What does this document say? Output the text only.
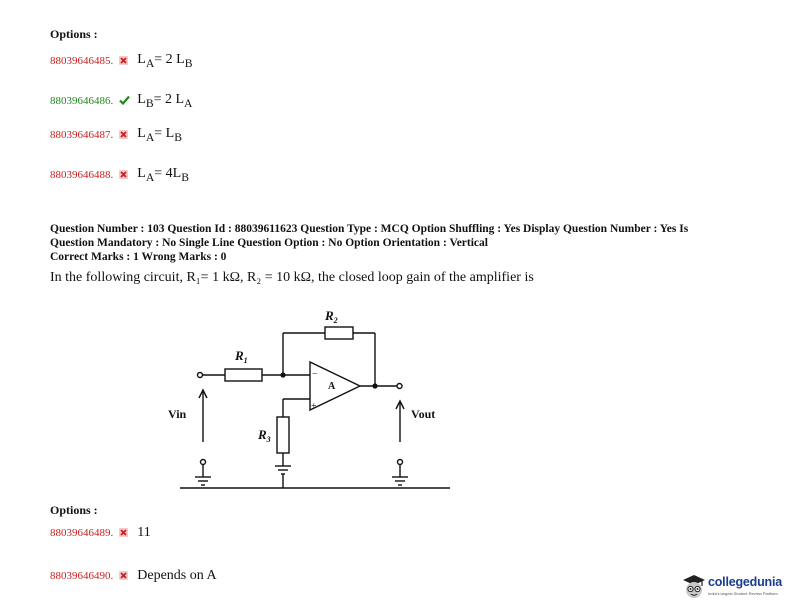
Options :
88039646485. $L_A= 2$ $L_B$
88039646486. $L_B= 2$ $L_A$
88039646487. $L_A= L_B$
88039646488. $L_A= 4L_B$
Question Number : 103 Question Id : 88039611623 Question Type : MCQ Option Shuffling : Yes Display Question Number : Yes Is
Question Mandatory : No Single Line Question Option : No Option Orientation : Vertical
Correct Marks : 1 Wrong Marks : 0
In the following circuit, R₁= 1 kΩ, R₂ = 10 kΩ, the closed loop gain of the amplifier is
$R_2$
$R_1$
$R_3$
A
−
+
Vin	Vout
Options :
88039646489. 11
88039646490. Depends on A	collegedunia
India's largest Student Review Platform
